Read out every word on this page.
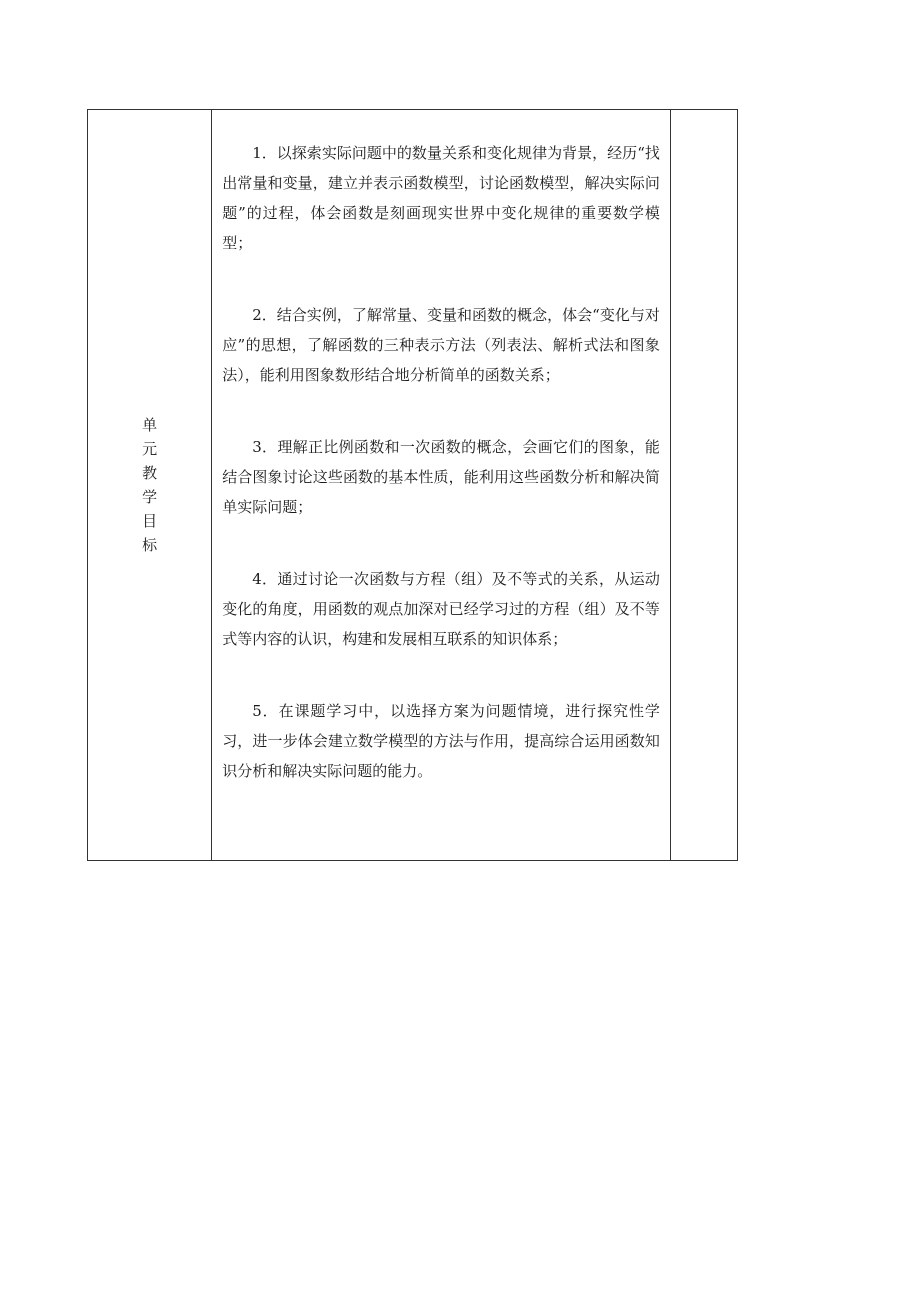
单
元
教
学
目
标

1．以探索实际问题中的数量关系和变化规律为背景，经历“找出常量和变量，建立并表示函数模型，讨论函数模型，解决实际问题”的过程，体会函数是刻画现实世界中变化规律的重要数学模型；

2．结合实例，了解常量、变量和函数的概念，体会“变化与对应”的思想，了解函数的三种表示方法（列表法、解析式法和图象法），能利用图象数形结合地分析简单的函数关系；

3．理解正比例函数和一次函数的概念，会画它们的图象，能结合图象讨论这些函数的基本性质，能利用这些函数分析和解决简单实际问题；

4．通过讨论一次函数与方程（组）及不等式的关系，从运动变化的角度，用函数的观点加深对已经学习过的方程（组）及不等式等内容的认识，构建和发展相互联系的知识体系；

5．在课题学习中，以选择方案为问题情境，进行探究性学习，进一步体会建立数学模型的方法与作用，提高综合运用函数知识分析和解决实际问题的能力。
